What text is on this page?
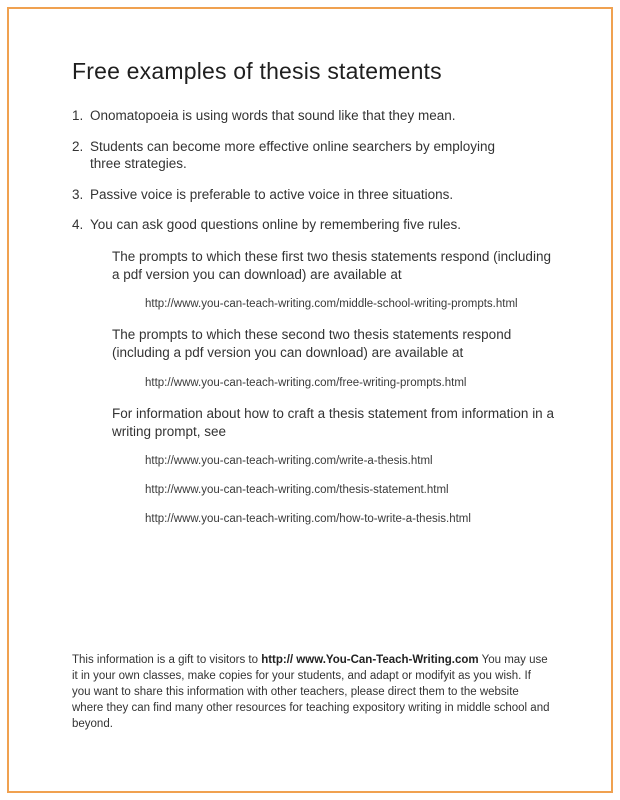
Free examples of thesis statements
1. Onomatopoeia is using words that sound like that they mean.
2. Students can become more effective online searchers by employing three strategies.
3. Passive voice is preferable to active voice in three situations.
4. You can ask good questions online by remembering five rules.

The prompts to which these first two thesis statements respond (including a pdf version you can download) are available at

http://www.you-can-teach-writing.com/middle-school-writing-prompts.html

The prompts to which these second two thesis statements respond (including a pdf version you can download) are available at

http://www.you-can-teach-writing.com/free-writing-prompts.html

For information about how to craft a thesis statement from information in a writing prompt, see

http://www.you-can-teach-writing.com/write-a-thesis.html

http://www.you-can-teach-writing.com/thesis-statement.html

http://www.you-can-teach-writing.com/how-to-write-a-thesis.html

This information is a gift to visitors to http:// www.You-Can-Teach-Writing.com You may use it in your own classes, make copies for your students, and adapt or modifyit as you wish. If you want to share this information with other teachers, please direct them to the website where they can find many other resources for teaching expository writing in middle school and beyond.
